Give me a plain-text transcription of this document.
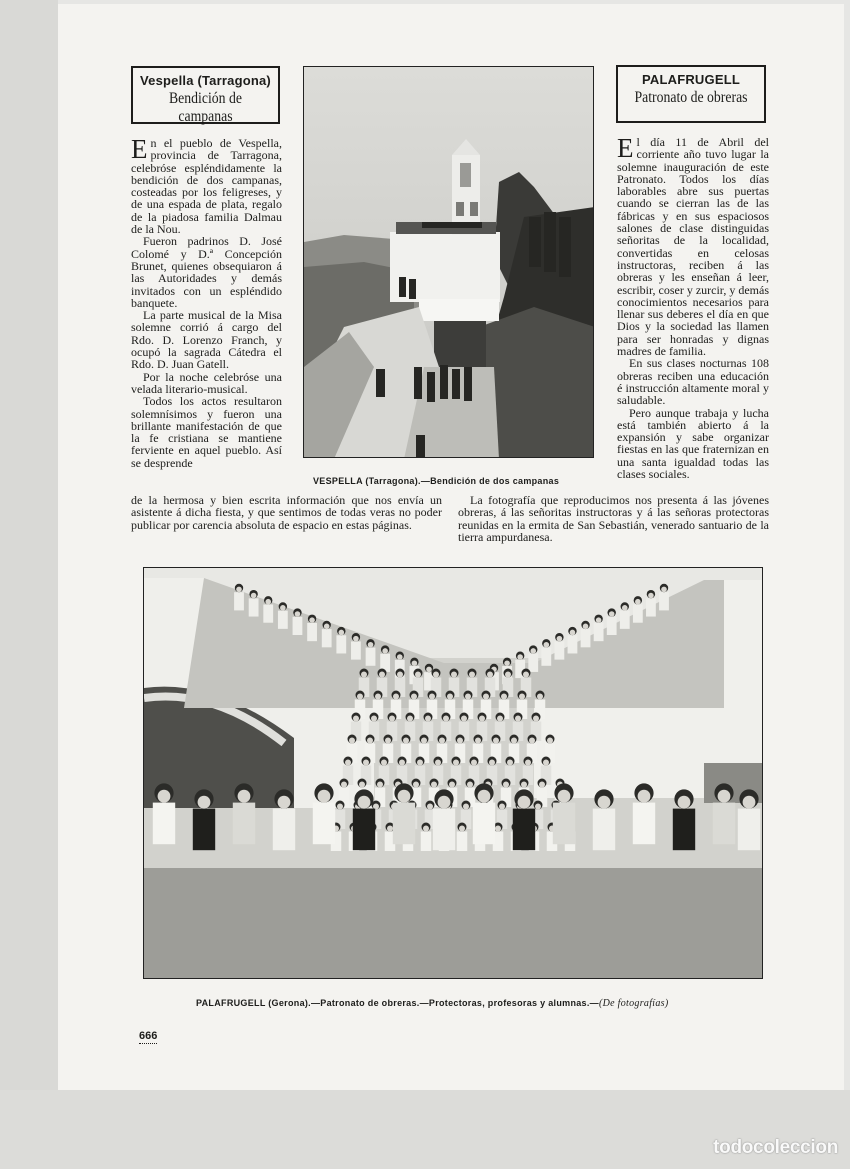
Vespella (Tarragona)
Bendición de campanas

En el pueblo de Vespella, provincia de Tarragona, celebróse espléndidamente la bendición de dos campanas, costeadas por los feligreses, y de una espada de plata, regalo de la piadosa familia Dalmau de la Nou.

Fueron padrinos D. José Colomé y D.ª Concepción Brunet, quienes obsequiaron á las Autoridades y demás invitados con un espléndido banquete.

La parte musical de la Misa solemne corrió á cargo del Rdo. D. Lorenzo Franch, y ocupó la sagrada Cátedra el Rdo. D. Juan Gatell.

Por la noche celebróse una velada literario-musical.

Todos los actos resultaron solemnísimos y fueron una brillante manifestación de que la fe cristiana se mantiene ferviente en aquel pueblo. Así se desprende

de la hermosa y bien escrita información que nos envía un asistente á dicha fiesta, y que sentimos de todas veras no poder publicar por carencia absoluta de espacio en estas páginas.

VESPELLA (Tarragona).—Bendición de dos campanas
PALAFRUGELL
Patronato de obreras

El día 11 de Abril del corriente año tuvo lugar la solemne inauguración de este Patronato. Todos los días laborables abre sus puertas cuando se cierran las de las fábricas y en sus espaciosos salones de clase distinguidas señoritas de la localidad, convertidas en celosas instructoras, reciben á las obreras y les enseñan á leer, escribir, coser y zurcir, y demás conocimientos necesarios para llenar sus deberes el día en que Dios y la sociedad las llamen para ser honradas y dignas madres de familia.

En sus clases nocturnas 108 obreras reciben una educación é instrucción altamente moral y saludable.

Pero aunque trabaja y lucha está también abierto á la expansión y sabe organizar fiestas en las que fraternizan en una santa igualdad todas las clases sociales.

La fotografía que reproducimos nos presenta á las jóvenes obreras, á las señoritas instructoras y á las señoras protectoras reunidas en la ermita de San Sebastián, venerado santuario de la tierra ampurdanesa.

PALAFRUGELL (Gerona).—Patronato de obreras.—Protectoras, profesoras y alumnas.—(De fotografías)
666
todocoleccion
